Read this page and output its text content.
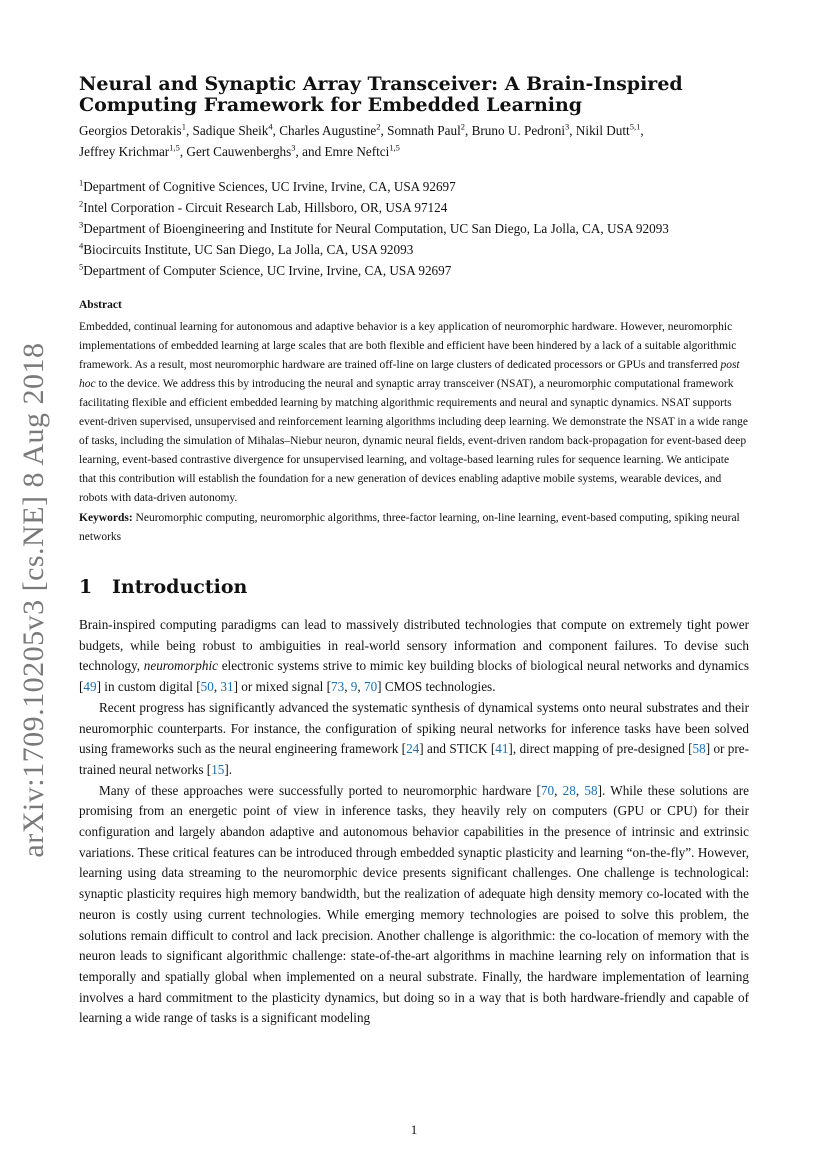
arXiv:1709.10205v3 [cs.NE] 8 Aug 2018
Neural and Synaptic Array Transceiver: A Brain-Inspired
Computing Framework for Embedded Learning
Georgios Detorakis$^1$, Sadique Sheik$^4$, Charles Augustine$^2$, Somnath Paul$^2$, Bruno U. Pedroni$^3$, Nikil Dutt$^{5,1}$,
Jeffrey Krichmar$^{1,5}$, Gert Cauwenberghs$^3$, and Emre Neftci$^{1,5}$
$^1$Department of Cognitive Sciences, UC Irvine, Irvine, CA, USA 92697
$^2$Intel Corporation - Circuit Research Lab, Hillsboro, OR, USA 97124
$^3$Department of Bioengineering and Institute for Neural Computation, UC San Diego, La Jolla, CA, USA 92093
$^4$Biocircuits Institute, UC San Diego, La Jolla, CA, USA 92093
$^5$Department of Computer Science, UC Irvine, Irvine, CA, USA 92697
Abstract
Embedded, continual learning for autonomous and adaptive behavior is a key application of neuromorphic hardware. However, neuromorphic implementations of embedded learning at large scales that are both flexible and efficient have been hindered by a lack of a suitable algorithmic framework. As a result, most neuromorphic hardware are trained off-line on large clusters of dedicated processors or GPUs and transferred post hoc to the device. We address this by introducing the neural and synaptic array transceiver (NSAT), a neuromorphic computational framework facilitating flexible and efficient embedded learning by matching algorithmic requirements and neural and synaptic dynamics. NSAT supports event-driven supervised, unsupervised and reinforcement learning algorithms including deep learning. We demonstrate the NSAT in a wide range of tasks, including the simulation of Mihalas–Niebur neuron, dynamic neural fields, event-driven random back-propagation for event-based deep learning, event-based contrastive divergence for unsupervised learning, and voltage-based learning rules for sequence learning. We anticipate that this contribution will establish the foundation for a new generation of devices enabling adaptive mobile systems, wearable devices, and robots with data-driven autonomy.
Keywords: Neuromorphic computing, neuromorphic algorithms, three-factor learning, on-line learning, event-based computing, spiking neural networks
1 Introduction

Brain-inspired computing paradigms can lead to massively distributed technologies that compute on extremely tight power budgets, while being robust to ambiguities in real-world sensory information and component failures. To devise such technology, neuromorphic electronic systems strive to mimic key building blocks of biological neural networks and dynamics [49] in custom digital [50, 31] or mixed signal [73, 9, 70] CMOS technologies.

Recent progress has significantly advanced the systematic synthesis of dynamical systems onto neural substrates and their neuromorphic counterparts. For instance, the configuration of spiking neural networks for inference tasks have been solved using frameworks such as the neural engineering framework [24] and STICK [41], direct mapping of pre-designed [58] or pre-trained neural networks [15].

Many of these approaches were successfully ported to neuromorphic hardware [70, 28, 58]. While these solutions are promising from an energetic point of view in inference tasks, they heavily rely on computers (GPU or CPU) for their configuration and largely abandon adaptive and autonomous behavior capabilities in the presence of intrinsic and extrinsic variations. These critical features can be introduced through embedded synaptic plasticity and learning “on-the-fly”. However, learning using data streaming to the neuromorphic device presents significant challenges. One challenge is technological: synaptic plasticity requires high memory bandwidth, but the realization of adequate high density memory co-located with the neuron is costly using current technologies. While emerging memory technologies are poised to solve this problem, the solutions remain difficult to control and lack precision. Another challenge is algorithmic: the co-location of memory with the neuron leads to significant algorithmic challenge: state-of-the-art algorithms in machine learning rely on information that is temporally and spatially global when implemented on a neural substrate. Finally, the hardware implementation of learning involves a hard commitment to the plasticity dynamics, but doing so in a way that is both hardware-friendly and capable of learning a wide range of tasks is a significant modeling

1
